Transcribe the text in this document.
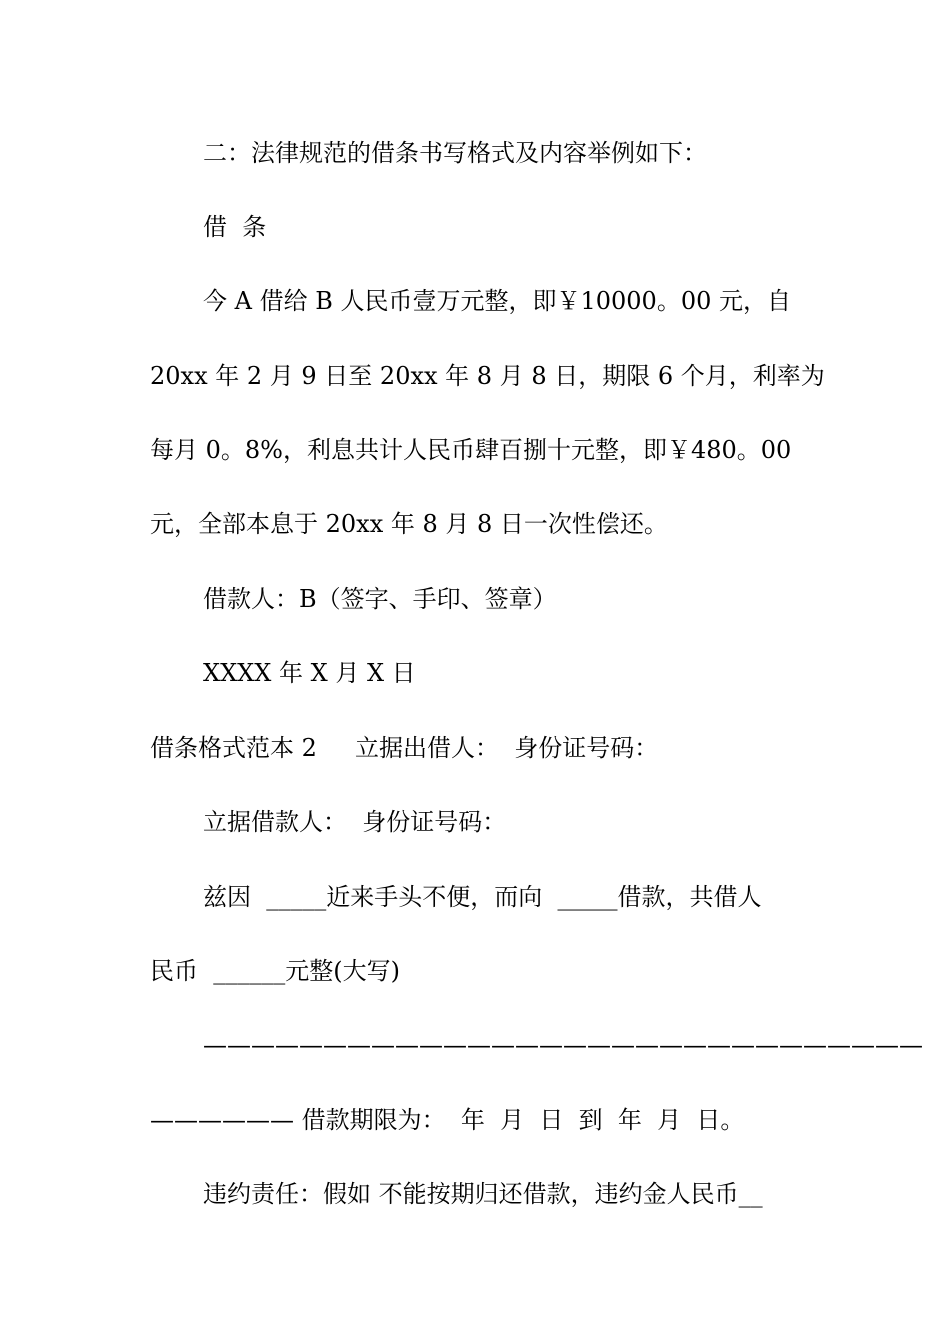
二：法律规范的借条书写格式及内容举例如下：

借  条

今 A 借给 B 人民币壹万元整，即￥10000。00 元，自

20xx 年 2 月 9 日至 20xx 年 8 月 8 日，期限 6 个月，利率为

每月 0。8%，利息共计人民币肆百捌十元整，即￥480。00

元，全部本息于 20xx 年 8 月 8 日一次性偿还。

借款人：B（签字、手印、签章）

XXXX 年 X 月 X 日

借条格式范本 2     立据出借人：  身份证号码：

立据借款人：  身份证号码：

兹因  _____近来手头不便，而向  _____借款，共借人

民币  ______元整(大写)

——————————————————————————————

—————— 借款期限为：  年  月  日  到  年  月  日。

违约责任：假如 不能按期归还借款，违约金人民币__
